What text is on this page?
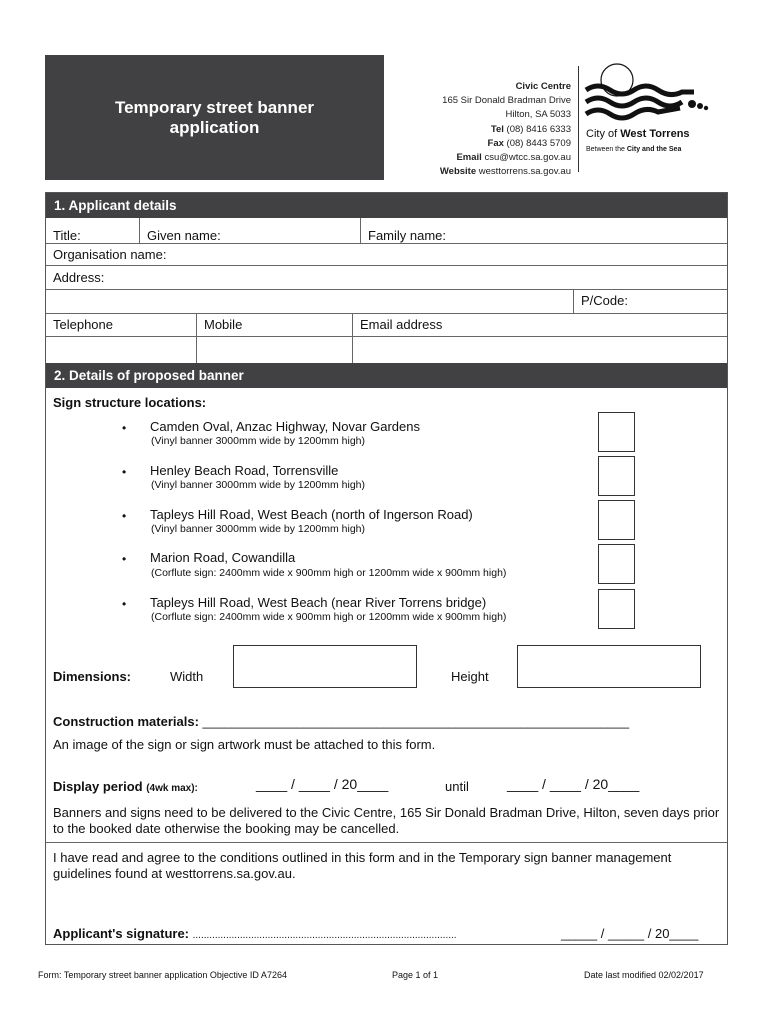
Temporary street banner
application
Civic Centre
165 Sir Donald Bradman Drive
Hilton, SA 5033
Tel (08) 8416 6333
Fax (08) 8443 5709
Email csu@wtcc.sa.gov.au
Website westtorrens.sa.gov.au
City of West Torrens
Between the City and the Sea
1. Applicant details
Title:	Given name:	Family name:
Organisation name:
Address:
P/Code:
Telephone	Mobile	Email address
2. Details of proposed banner
Sign structure locations:
• Camden Oval, Anzac Highway, Novar Gardens
(Vinyl banner 3000mm wide by 1200mm high)
• Henley Beach Road, Torrensville
(Vinyl banner 3000mm wide by 1200mm high)
• Tapleys Hill Road, West Beach (north of Ingerson Road)
(Vinyl banner 3000mm wide by 1200mm high)
• Marion Road, Cowandilla
(Corflute sign: 2400mm wide x 900mm high or 1200mm wide x 900mm high)
• Tapleys Hill Road, West Beach (near River Torrens bridge)
(Corflute sign: 2400mm wide x 900mm high or 1200mm wide x 900mm high)
Dimensions:	Width	Height
Construction materials: ___________________________________________________________
An image of the sign or sign artwork must be attached to this form.
Display period (4wk max):	____ / ____ / 20____	until	____ / ____ / 20____
Banners and signs need to be delivered to the Civic Centre, 165 Sir Donald Bradman Drive, Hilton, seven days prior to the booked date otherwise the booking may be cancelled.
I have read and agree to the conditions outlined in this form and in the Temporary sign banner management guidelines found at westtorrens.sa.gov.au.
Applicant's signature: ...............................................................................................	_____ / _____ / 20____
Form: Temporary street banner application Objective ID A7264	Page 1 of 1	Date last modified 02/02/2017
